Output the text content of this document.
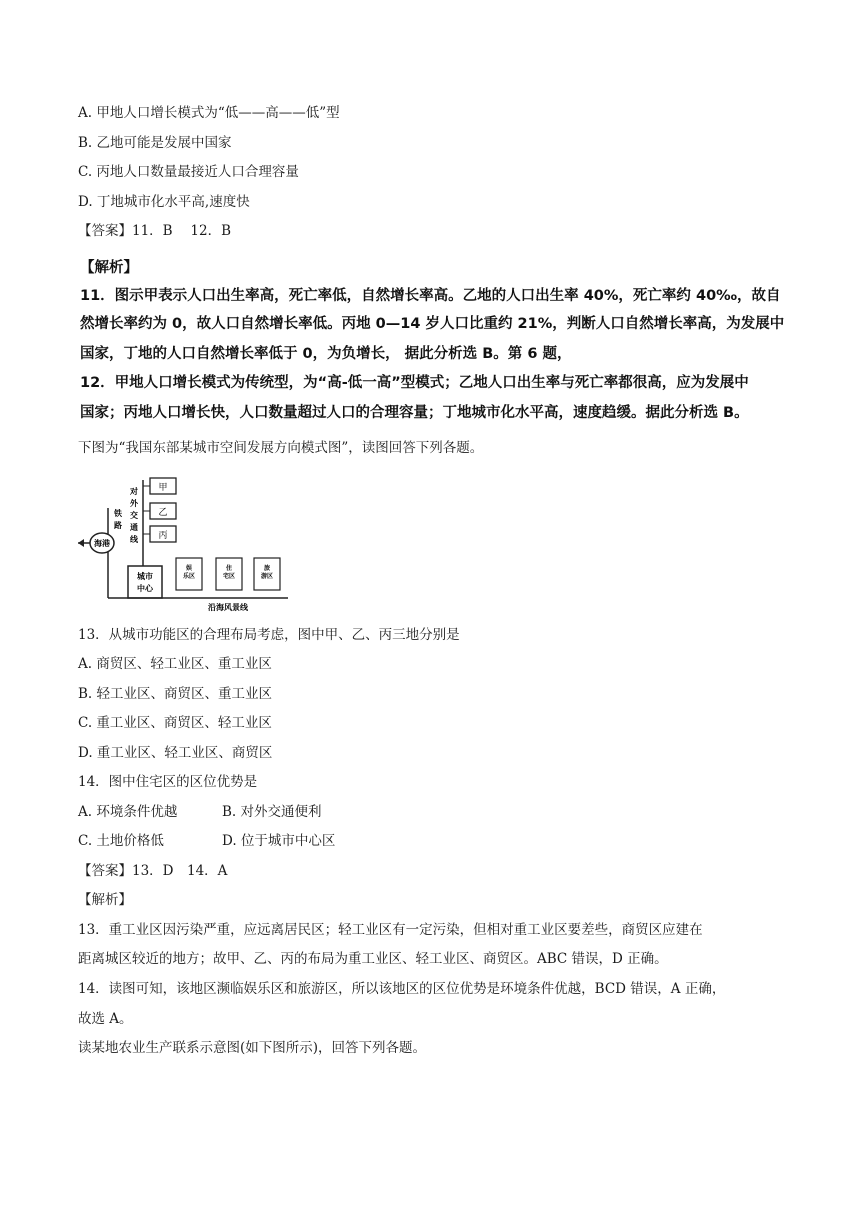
A. 甲地人口增长模式为“低——高——低”型
B. 乙地可能是发展中国家
C. 丙地人口数量最接近人口合理容量
D. 丁地城市化水平高,速度快
【答案】11．B　 12．B
【解析】
11．图示甲表示人口出生率高，死亡率低，自然增长率高。乙地的人口出生率 40%，死亡率约 40‰，故自
然增长率约为 0，故人口自然增长率低。丙地 0—14 岁人口比重约 21%，判断人口自然增长率高，为发展中
国家，丁地的人口自然增长率低于 0，为负增长， 据此分析选 B。第 6 题，
12．甲地人口增长模式为传统型，为“高-低一高”型模式；乙地人口出生率与死亡率都很高，应为发展中
国家；丙地人口增长快，人口数量超过人口的合理容量；丁地城市化水平高，速度趋缓。据此分析选 B。
下图为“我国东部某城市空间发展方向模式图”，读图回答下列各题。
海港
铁
路
对
外
交
通
线
甲
乙
丙
城市
中心
娱
乐区
住
宅区
旅
游区
沿海风景线
13．从城市功能区的合理布局考虑，图中甲、乙、丙三地分别是
A. 商贸区、轻工业区、重工业区
B. 轻工业区、商贸区、重工业区
C. 重工业区、商贸区、轻工业区
D. 重工业区、轻工业区、商贸区
14．图中住宅区的区位优势是
A. 环境条件优越	B. 对外交通便利
C. 土地价格低	D. 位于城市中心区
【答案】13．D　14．A
【解析】
13．重工业区因污染严重，应远离居民区；轻工业区有一定污染，但相对重工业区要差些，商贸区应建在
距离城区较近的地方；故甲、乙、丙的布局为重工业区、轻工业区、商贸区。ABC 错误，D 正确。
14．读图可知，该地区濒临娱乐区和旅游区，所以该地区的区位优势是环境条件优越，BCD 错误，A 正确，
故选 A。
读某地农业生产联系示意图(如下图所示)，回答下列各题。
